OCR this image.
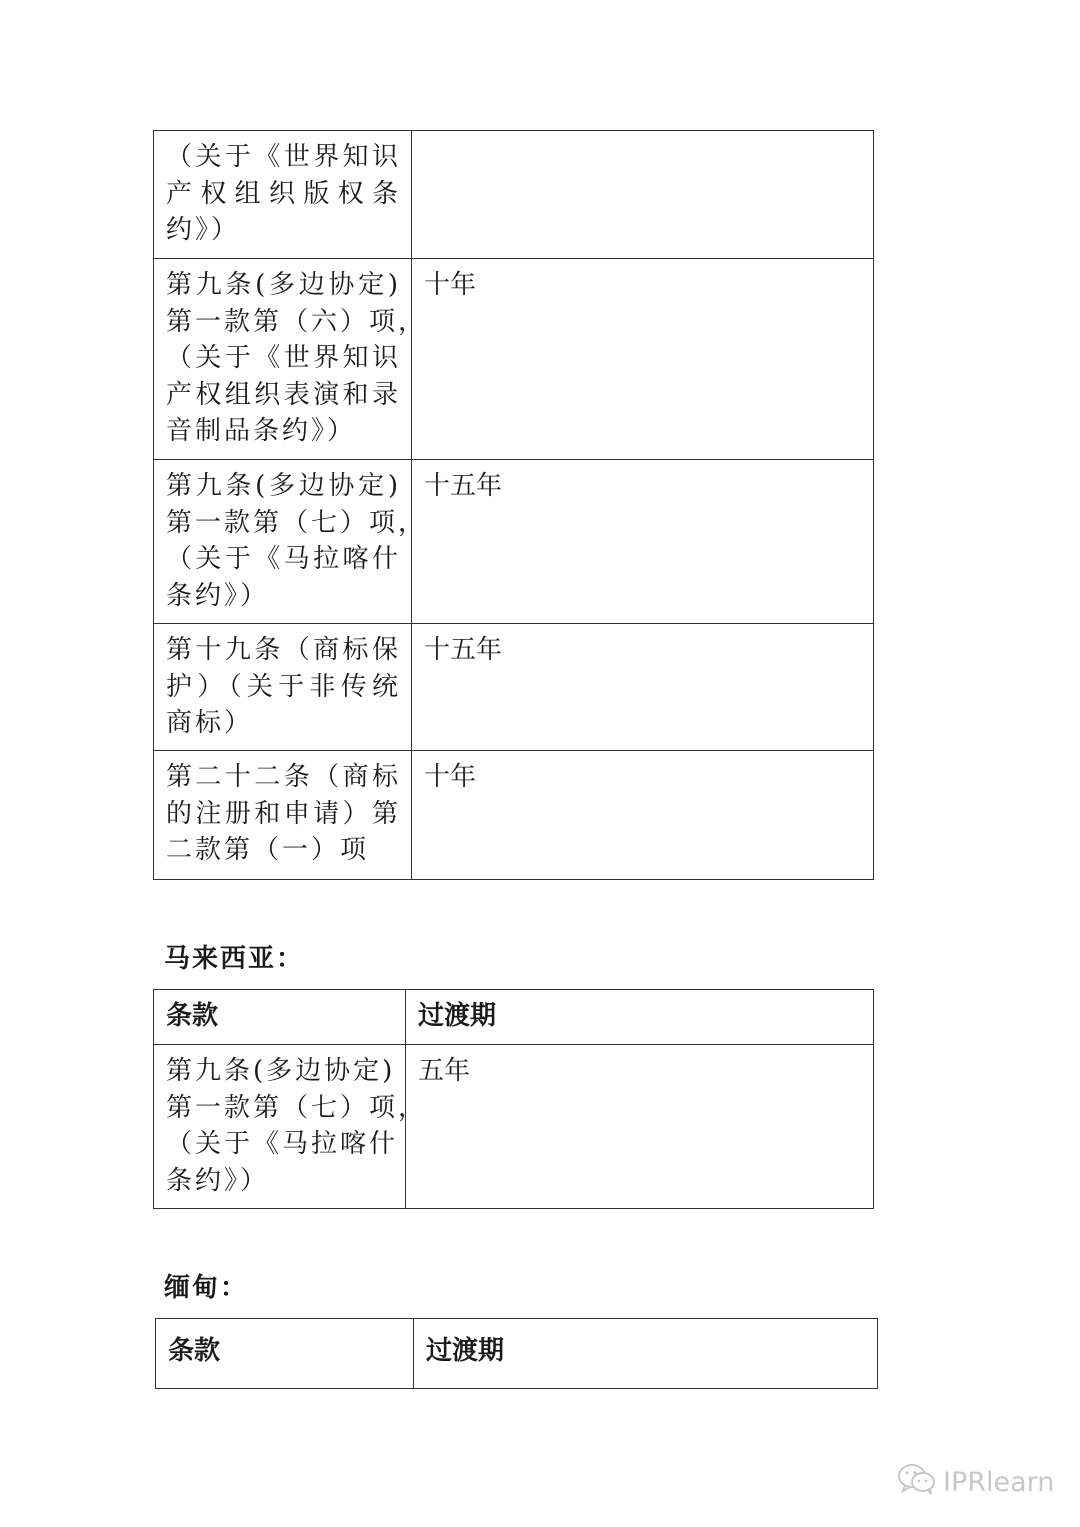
（关于《世界知识
产权组织版权条
约》）	

第九条(多边协定)
第一款第（六）项，
（关于《世界知识
产权组织表演和录
音制品条约》）	十年

第九条(多边协定)
第一款第（七）项，
（关于《马拉喀什
条约》）	十五年

第十九条（商标保
护）（关于非传统
商标）	十五年

第二十二条（商标
的注册和申请）第
二款第（一）项	十年
马来西亚：
条款	过渡期

第九条(多边协定)
第一款第（七）项，
（关于《马拉喀什
条约》）	五年
缅甸：
条款	过渡期
IPRlearn
